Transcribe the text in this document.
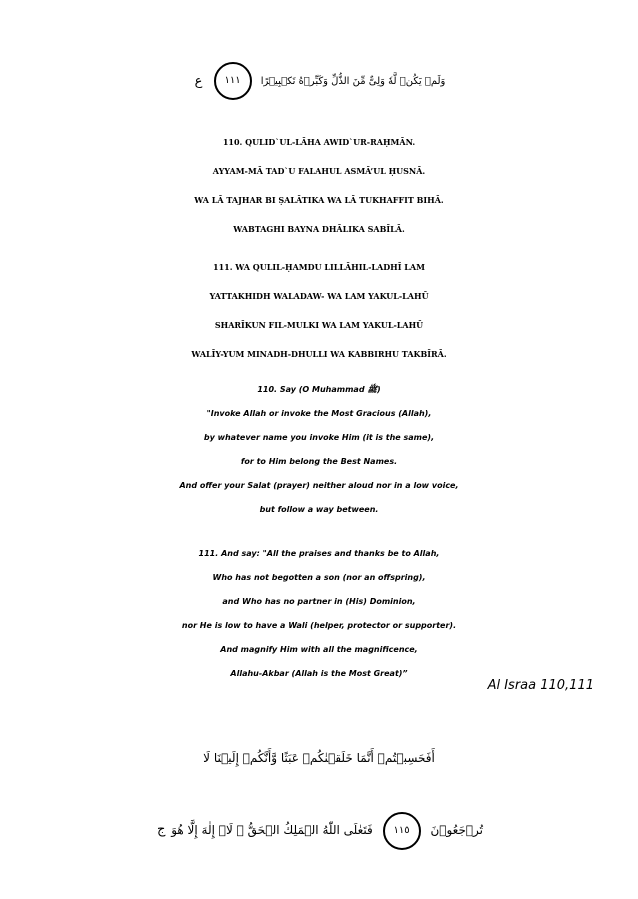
وَلَمۡ يَكُنۡ لَّهٗ وَلِىٌّ مِّنَ الذُّلِّ وَكَبِّرۡهُ تَكۡبِيۡرًا ١١١ ع
110. QULID`UL-LĀHA AWID`UR-RAḤMĀN.
AYYAM-MĀ TAD`U FALAHUL ASMĀ’UL ḤUSNĀ.
WA LĀ TAJHAR BI ṢALĀTIKA WA LĀ TUKHAFFIT BIHĀ.
WABTAGHI BAYNA DHĀLIKA SABĪLĀ.
111. WA QULIL-ḤAMDU LILLĀHIL-LADHĪ LAM
YATTAKHIDH WALADAW- WA LAM YAKUL-LAHŪ
SHARĪKUN FIL-MULKI WA LAM YAKUL-LAHŪ
WALĪY-YUM MINADH-DHULLI WA KABBIRHU TAKBĪRĀ.
110. Say (O Muhammad ﷺ)
"Invoke Allah or invoke the Most Gracious (Allah),
by whatever name you invoke Him (it is the same),
for to Him belong the Best Names.
And offer your Salat (prayer) neither aloud nor in a low voice,
but follow a way between.
111. And say: "All the praises and thanks be to Allah,
Who has not begotten a son (nor an offspring),
and Who has no partner in (His) Dominion,
nor He is low to have a Wali (helper, protector or supporter).
And magnify Him with all the magnificence,
Allahu-Akbar (Allah is the Most Great)”
Al Israa 110,111
أَفَحَسِبۡتُمۡ أَنَّمَا خَلَقۡنٰكُمۡ عَبَثًا وَّأَنَّكُمۡ إِلَيۡنَا لَا
تُرۡجَعُوۡنَ ١١٥ فَتَعٰلَى اللّٰهُ الۡمَلِكُ الۡحَقُّ ۚ لَاۤ إِلٰهَ إِلَّا هُوَ ج
